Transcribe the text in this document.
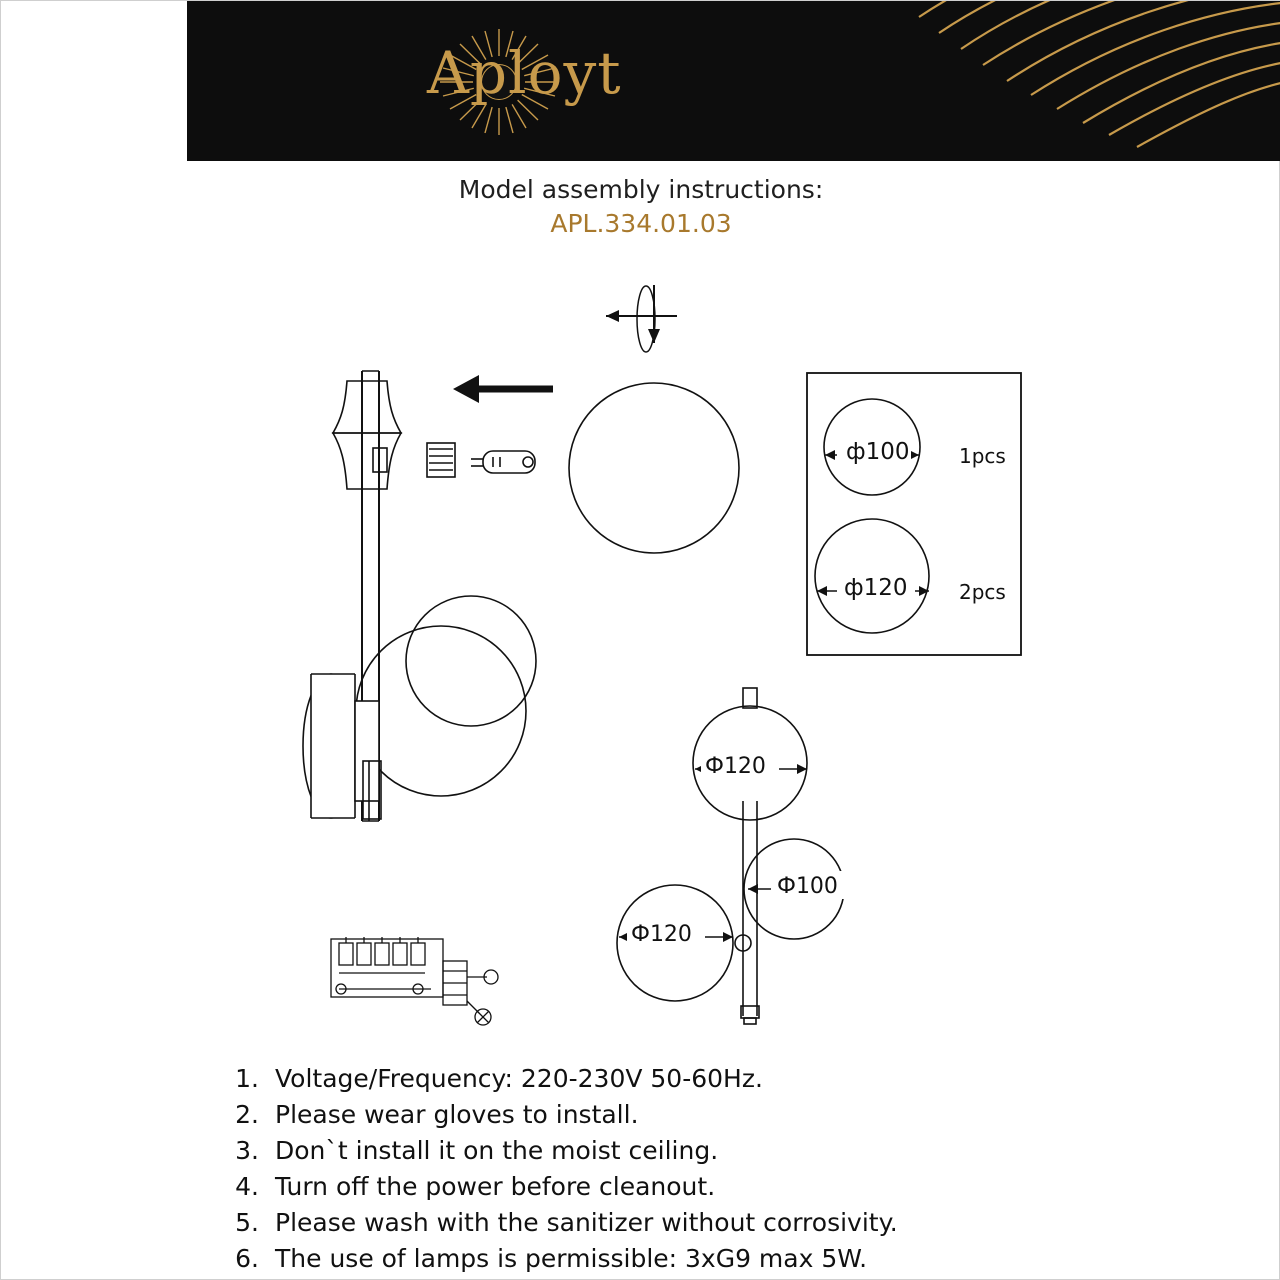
Aployt
Model assembly instructions:
APL.334.01.03
ф100 1pcs
ф120	2pcs
Ф120
Ф100
Ф120
1. Voltage/Frequency: 220-230V 50-60Hz.
2. Please wear gloves to install.
3. Don`t install it on the moist ceiling.
4. Turn off the power before cleanout.
5. Please wash with the sanitizer without corrosivity.
6. The use of lamps is permissible: 3xG9 max 5W.
